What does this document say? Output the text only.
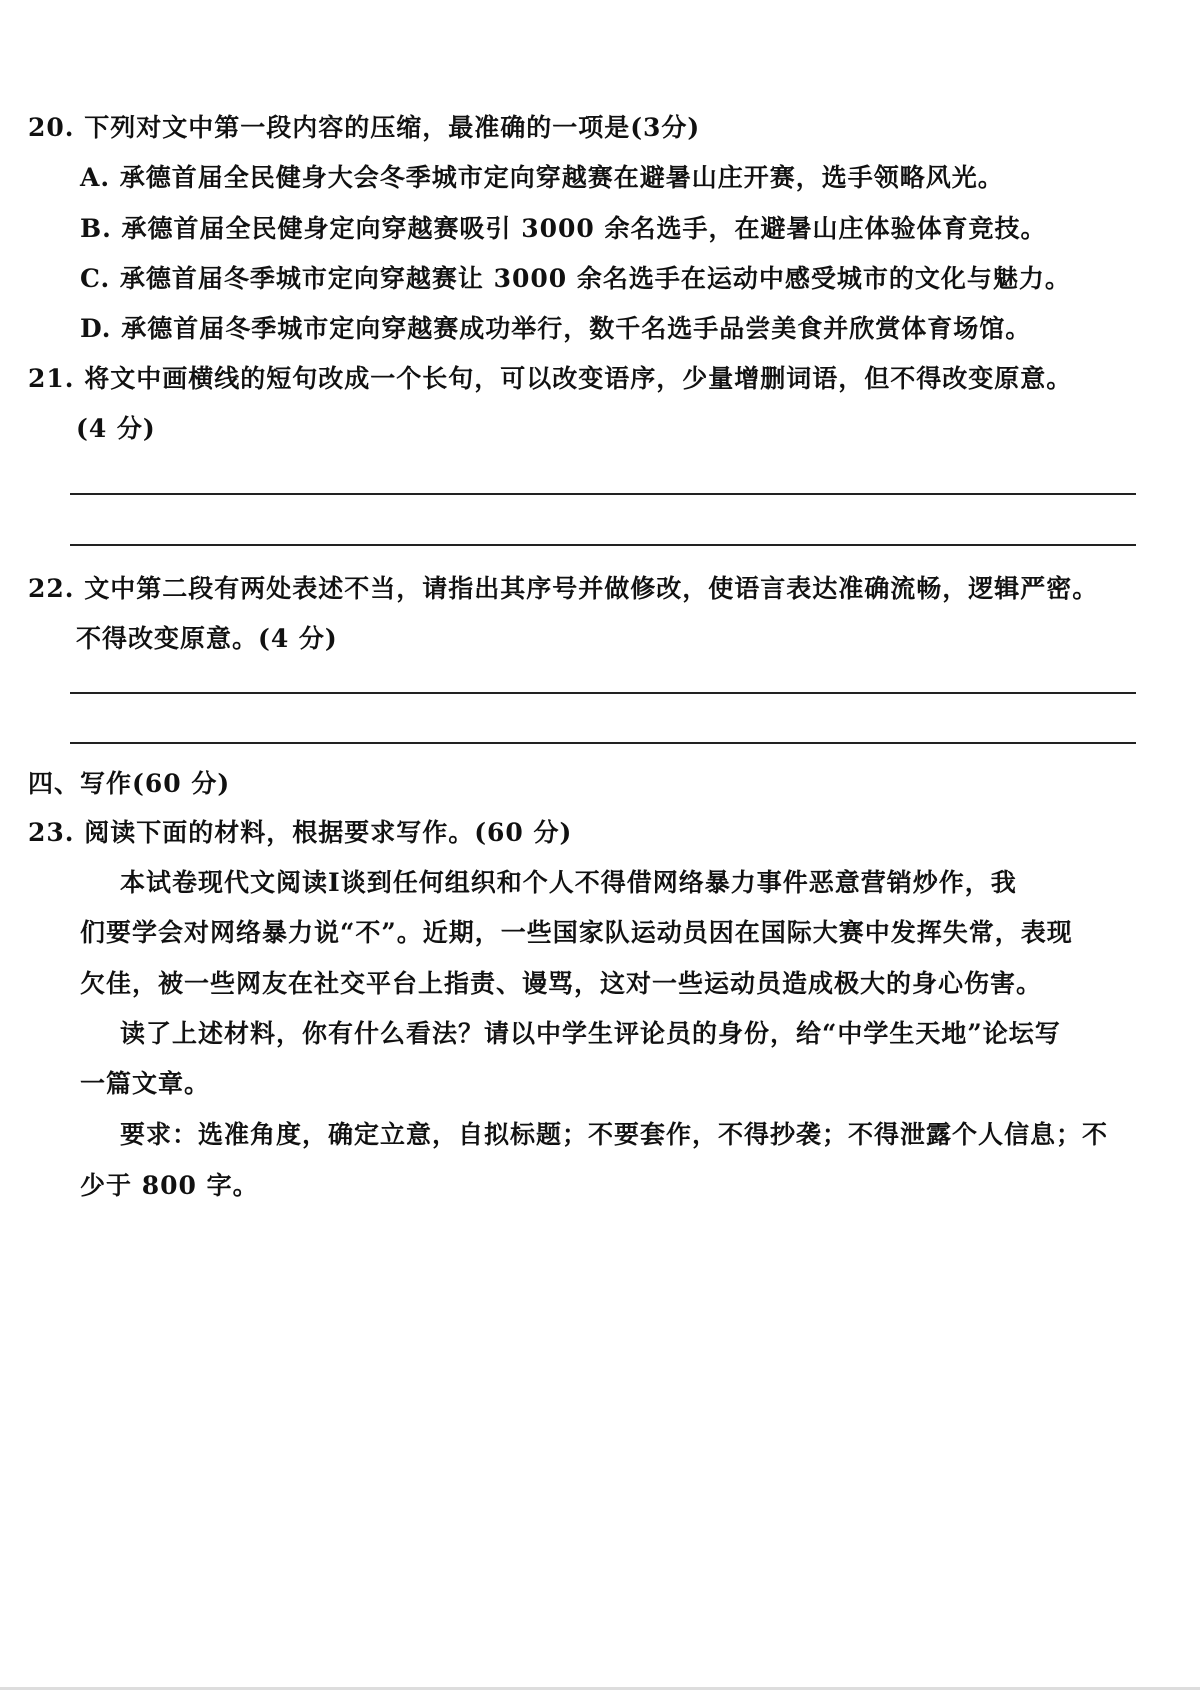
20. 下列对文中第一段内容的压缩，最准确的一项是(3分)
A. 承德首届全民健身大会冬季城市定向穿越赛在避暑山庄开赛，选手领略风光。
B. 承德首届全民健身定向穿越赛吸引 3000 余名选手，在避暑山庄体验体育竞技。
C. 承德首届冬季城市定向穿越赛让 3000 余名选手在运动中感受城市的文化与魅力。
D. 承德首届冬季城市定向穿越赛成功举行，数千名选手品尝美食并欣赏体育场馆。
21. 将文中画横线的短句改成一个长句，可以改变语序，少量增删词语，但不得改变原意。
(4 分)
22. 文中第二段有两处表述不当，请指出其序号并做修改，使语言表达准确流畅，逻辑严密。
不得改变原意。(4 分)
四、写作(60 分)
23. 阅读下面的材料，根据要求写作。(60 分)
本试卷现代文阅读Ⅰ谈到任何组织和个人不得借网络暴力事件恶意营销炒作，我
们要学会对网络暴力说“不”。近期，一些国家队运动员因在国际大赛中发挥失常，表现
欠佳，被一些网友在社交平台上指责、谩骂，这对一些运动员造成极大的身心伤害。
读了上述材料，你有什么看法？请以中学生评论员的身份，给“中学生天地”论坛写
一篇文章。
要求：选准角度，确定立意，自拟标题；不要套作，不得抄袭；不得泄露个人信息；不
少于 800 字。
